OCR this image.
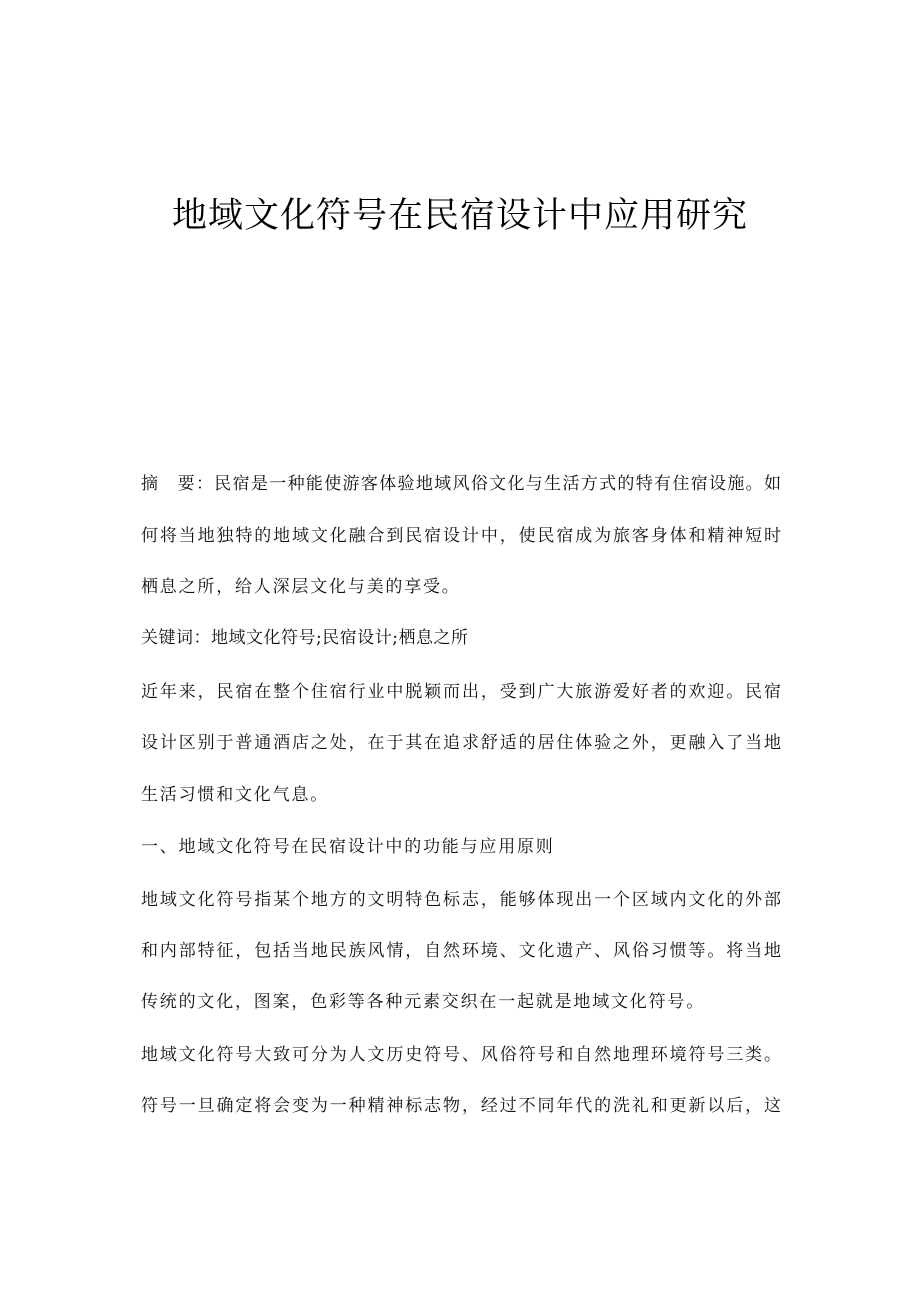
地域文化符号在民宿设计中应用研究
摘　要：民宿是一种能使游客体验地域风俗文化与生活方式的特有住宿设施。如
何将当地独特的地域文化融合到民宿设计中，使民宿成为旅客身体和精神短时
栖息之所，给人深层文化与美的享受。
关键词：地域文化符号;民宿设计;栖息之所
近年来，民宿在整个住宿行业中脱颖而出，受到广大旅游爱好者的欢迎。民宿
设计区别于普通酒店之处，在于其在追求舒适的居住体验之外，更融入了当地
生活习惯和文化气息。
一、地域文化符号在民宿设计中的功能与应用原则
地域文化符号指某个地方的文明特色标志，能够体现出一个区域内文化的外部
和内部特征，包括当地民族风情，自然环境、文化遗产、风俗习惯等。将当地
传统的文化，图案，色彩等各种元素交织在一起就是地域文化符号。
地域文化符号大致可分为人文历史符号、风俗符号和自然地理环境符号三类。
符号一旦确定将会变为一种精神标志物，经过不同年代的洗礼和更新以后，这
